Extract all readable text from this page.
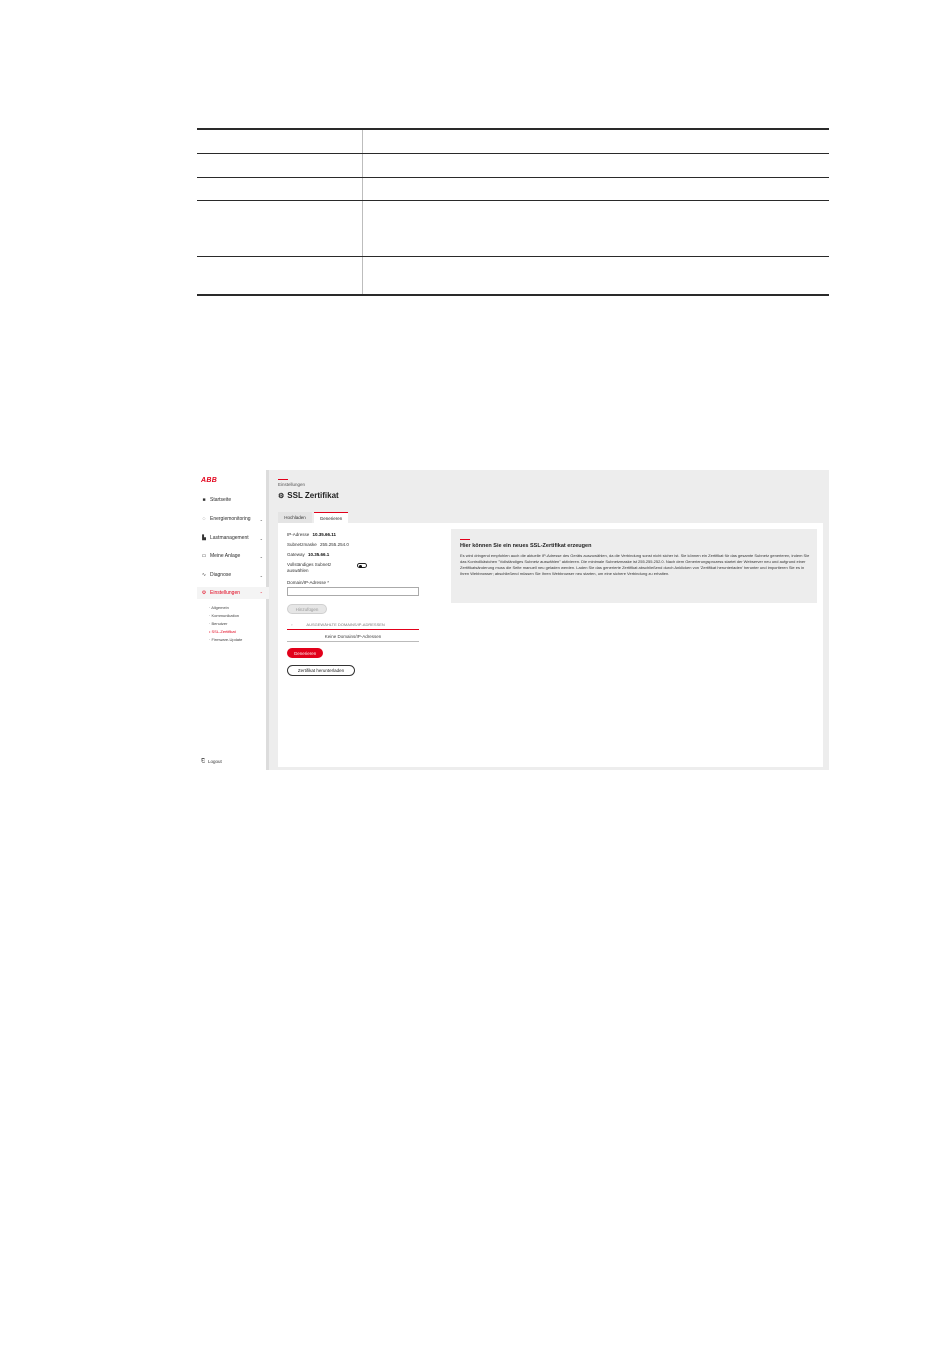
ABB
■ Startseite
◌ Energiemonitoring ⌄
▙ Lastmanagement	⌄
▭ Meine Anlage	⌄
∿ Diagnose	⌄
⚙ Einstellungen	⌃
· Allgemein
· Kommunikation
· Benutzer
• SSL-Zertifikat
· Firmware-Update
⎗ Logout
Einstellungen
⚙ SSL Zertifikat
Hochladen	Generieren
IP-Adresse 10.35.66.11
Subnetzmaske 255.255.254.0
Gateway 10.35.66.1
Vollständiges Subnetz auswählen
Domain/IP-Adresse *
Hinzufügen
▫	AUSGEWÄHLTE DOMAINS/IP-ADRESSEN
Keine Domains/IP-Adressen
Generieren
Zertifikat herunterladen
Hier können Sie ein neues SSL-Zertifikat erzeugen
Es wird dringend empfohlen auch die aktuelle IP-Adresse des Geräts auszuwählen, da die Verbindung sonst nicht sicher ist. Sie können ein Zertifikat für das gesamte Subnetz generieren, indem Sie das Kontrollkästchen "Vollständiges Subnetz auswählen" aktivieren. Die minimale Subnetzmaske ist 255.255.252.0. Nach dem Generierungsprozess startet der Webserver neu und aufgrund einer Zertifikatsänderung muss die Seite manuell neu geladen werden. Laden Sie das generierte Zertifikat abschließend durch Anklicken von 'Zertifikat herunterladen' herunter und importieren Sie es in Ihren Webbrowser; abschließend müssen Sie Ihren Webbrowser neu starten, um eine sichere Verbindung zu erhalten.
